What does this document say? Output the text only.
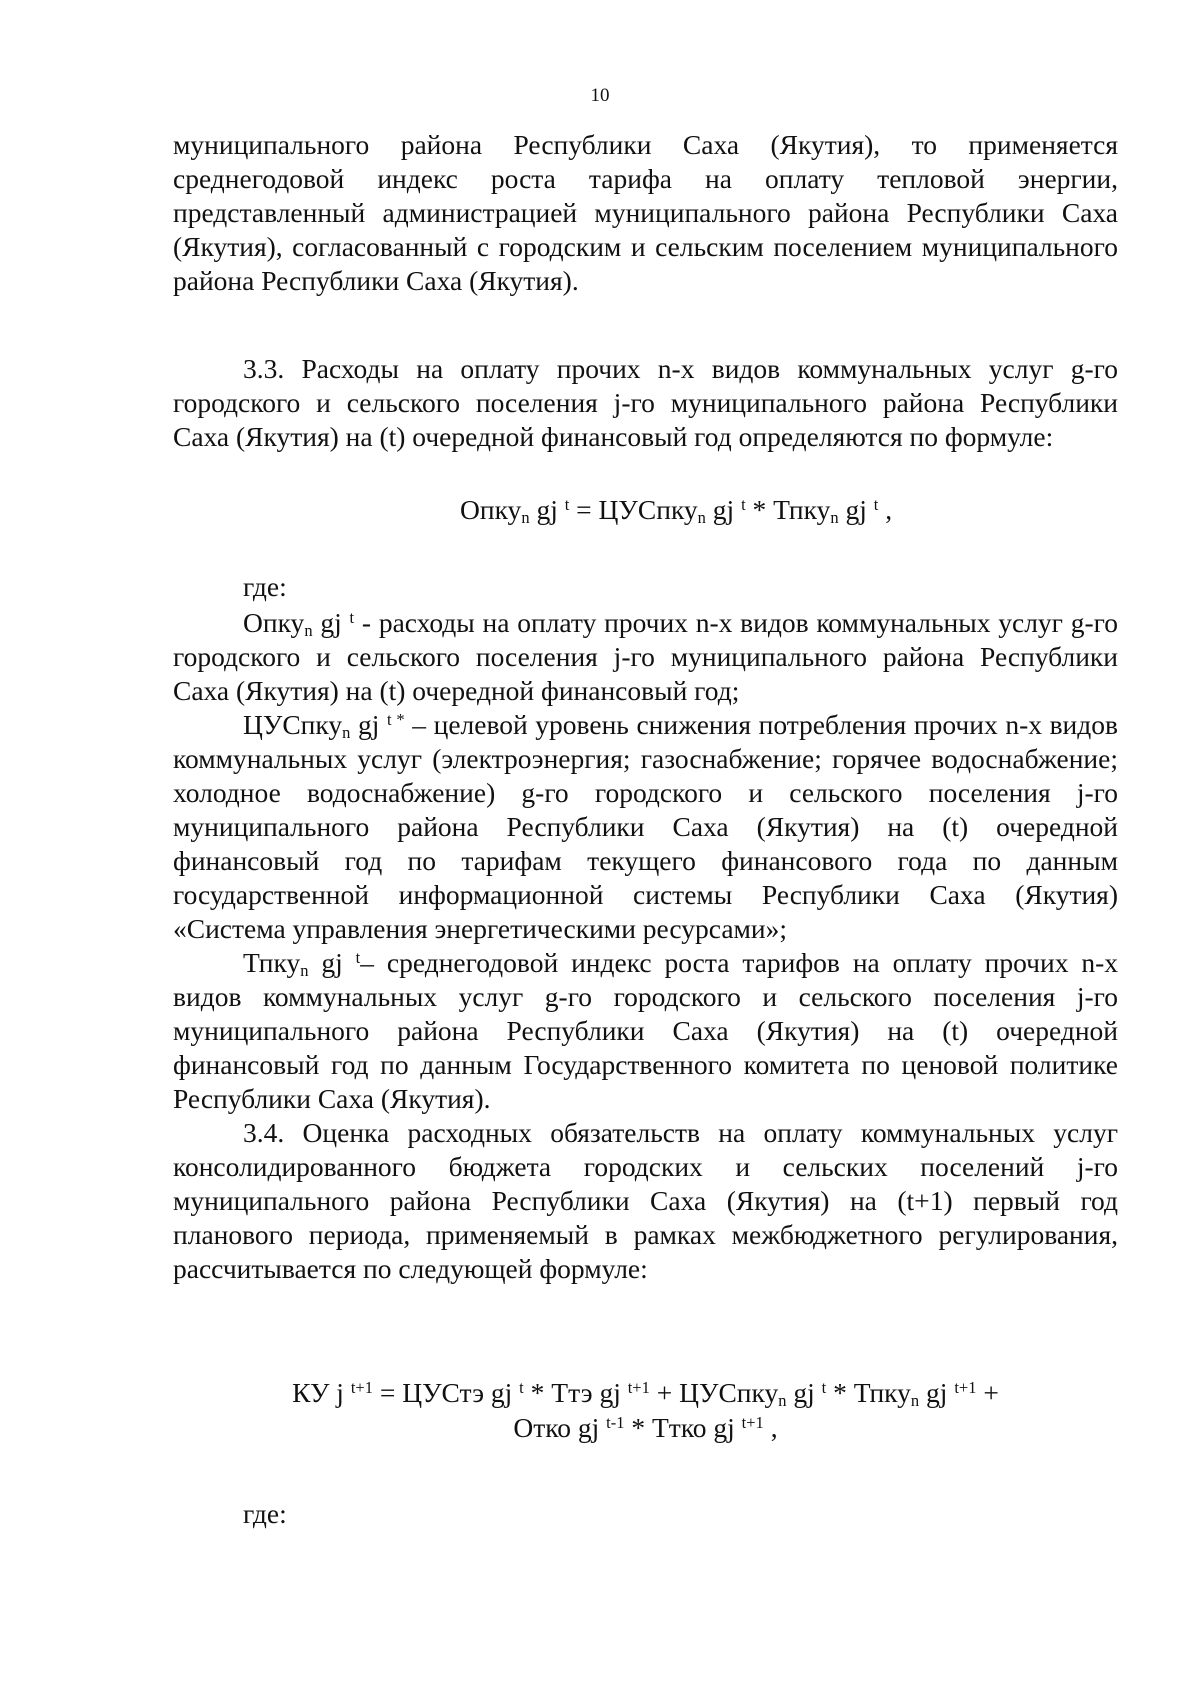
10

муниципального района Республики Саха (Якутия), то применяется среднегодовой индекс роста тарифа на оплату тепловой энергии, представленный администрацией муниципального района Республики Саха (Якутия), согласованный с городским и сельским поселением муниципального района Республики Саха (Якутия).

3.3. Расходы на оплату прочих n-х видов коммунальных услуг g-го городского и сельского поселения j-го муниципального района Республики Саха (Якутия) на (t) очередной финансовый год определяются по формуле:

Опку$_n$ gj $^t$ = ЦУСпку$_n$ gj $^t$ * Тпку$_n$ gj $^t$ ,
где:

Опку$_n$ gj $^t$ - расходы на оплату прочих n-х видов коммунальных услуг g-го городского и сельского поселения j-го муниципального района Республики Саха (Якутия) на (t) очередной финансовый год;

ЦУСпку$_n$ gj $^{t *}$ – целевой уровень снижения потребления прочих n-х видов коммунальных услуг (электроэнергия; газоснабжение; горячее водоснабжение; холодное водоснабжение) g-го городского и сельского поселения j-го муниципального района Республики Саха (Якутия) на (t) очередной финансовый год по тарифам текущего финансового года по данным государственной информационной системы Республики Саха (Якутия) «Система управления энергетическими ресурсами»;

Тпку$_n$ gj $^t$– среднегодовой индекс роста тарифов на оплату прочих n-х видов коммунальных услуг g-го городского и сельского поселения j-го муниципального района Республики Саха (Якутия) на (t) очередной финансовый год по данным Государственного комитета по ценовой политике Республики Саха (Якутия).

3.4. Оценка расходных обязательств на оплату коммунальных услуг консолидированного бюджета городских и сельских поселений j-го муниципального района Республики Саха (Якутия) на (t+1) первый год планового периода, применяемый в рамках межбюджетного регулирования, рассчитывается по следующей формуле:

КУ j $^{t+1}$ = ЦУСтэ gj $^t$ * Ттэ gj $^{t+1}$ + ЦУСпку$_n$ gj $^t$ * Тпку$_n$ gj $^{t+1}$ +
Отко gj $^{t-1}$ * Ттко gj $^{t+1}$ ,
где:
